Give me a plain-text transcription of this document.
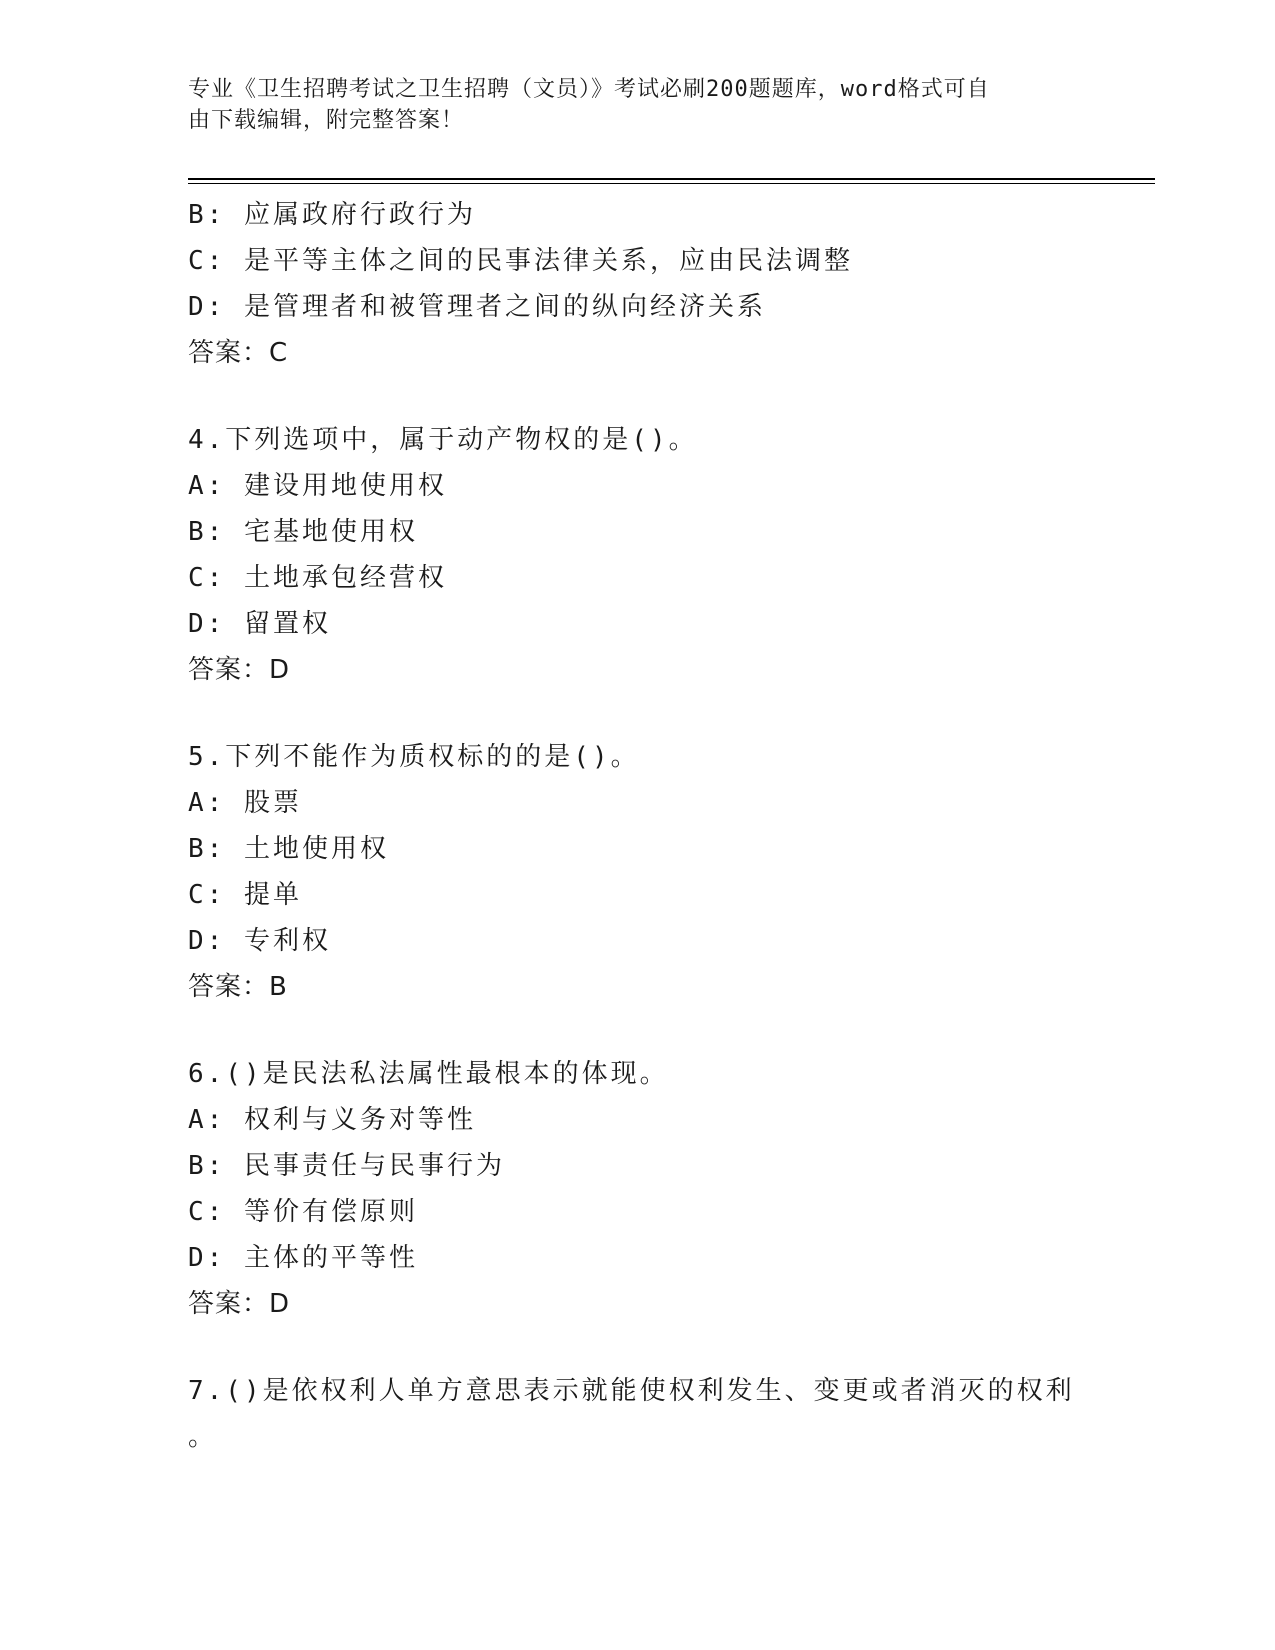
专业《卫生招聘考试之卫生招聘（文员）》考试必刷200题题库，word格式可自
由下载编辑，附完整答案！
B: 应属政府行政行为
C: 是平等主体之间的民事法律关系，应由民法调整
D: 是管理者和被管理者之间的纵向经济关系
答案：C
4.下列选项中，属于动产物权的是()。
A: 建设用地使用权
B: 宅基地使用权
C: 土地承包经营权
D: 留置权
答案：D
5.下列不能作为质权标的的是()。
A: 股票
B: 土地使用权
C: 提单
D: 专利权
答案：B
6.()是民法私法属性最根本的体现。
A: 权利与义务对等性
B: 民事责任与民事行为
C: 等价有偿原则
D: 主体的平等性
答案：D
7.()是依权利人单方意思表示就能使权利发生、变更或者消灭的权利
。
